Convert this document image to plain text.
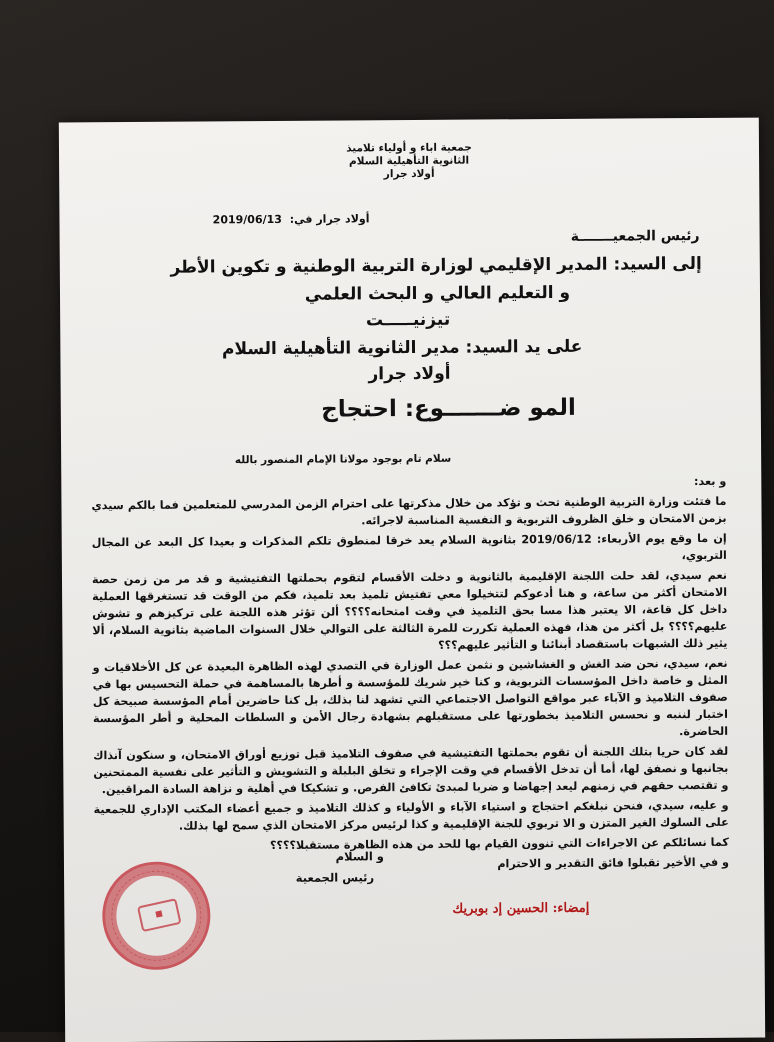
جمعية اباء و أولياء تلاميذ
الثانوية التأهيلية السلام
أولاد جرار
أولاد جرار في: 2019/06/13
رئيس الجمعيـــــــة
إلى السيد: المدير الإقليمي لوزارة التربية الوطنية و تكوين الأطر
و التعليم العالي و البحث العلمي
تيزنيـــــت
على يد السيد: مدير الثانوية التأهيلية السلام
أولاد جرار
المو ضـــــــوع: احتجاج
سلام تام بوجود مولانا الإمام المنصور بالله

و بعد:

ما فتئت وزارة التربية الوطنية تحث و تؤكد من خلال مذكرتها على احترام الزمن المدرسي للمتعلمين فما بالكم سيدي بزمن الامتحان و خلق الظروف التربوية و النفسية المناسبة لاجرائه.

إن ما وقع يوم الأربعاء: 2019/06/12 بثانوية السلام يعد خرقا لمنطوق تلكم المذكرات و بعيدا كل البعد عن المجال التربوي،

نعم سيدي، لقد حلت اللجنة الإقليمية بالثانوية و دخلت الأقسام لتقوم بحملتها التفتيشية و قد مر من زمن حصة الامتحان أكثر من ساعة، و هنا أدعوكم لتتخيلوا معي تفتيش تلميذ بعد تلميذ، فكم من الوقت قد تستغرقها العملية داخل كل قاعة، الا يعتبر هذا مسا بحق التلميذ في وقت امتحانه؟؟؟؟ ألن تؤثر هذه اللجنة على تركيزهم و تشوش عليهم؟؟؟؟ بل أكثر من هذا، فهذه العملية تكررت للمرة الثالثة على التوالي خلال السنوات الماضية بثانوية السلام، ألا يثير ذلك الشبهات باستقصاد أبنائنا و التأثير عليهم؟؟؟

نعم، سيدي، نحن ضد الغش و الغشاشين و نثمن عمل الوزارة في التصدي لهذه الظاهرة البعيدة عن كل الأخلاقيات و المثل و خاصة داخل المؤسسات التربوية، و كنا خير شريك للمؤسسة و أطرها بالمساهمة في حملة التحسيس بها في صفوف التلاميذ و الآباء عبر مواقع التواصل الاجتماعي التي تشهد لنا بذلك، بل كنا حاضرين أمام المؤسسة صبيحة كل اختبار لننبه و نحسس التلاميذ بخطورتها على مستقبلهم بشهادة رجال الأمن و السلطات المحلية و أطر المؤسسة الحاضرة.

لقد كان حريا بتلك اللجنة أن تقوم بحملتها التفتيشية في صفوف التلاميذ قبل توزيع أوراق الامتحان، و سنكون آنذاك بجانبها و نصفق لها، أما أن تدخل الأقسام في وقت الإجراء و تخلق البلبلة و التشويش و التأثير على نفسية الممتحنين و تقتصب حقهم في زمنهم ليعد إجهاضا و ضربا لمبدئ تكافئ الفرص. و تشكيكا في أهلية و نزاهة السادة المراقبين.

و عليه، سيدي، فنحن نبلغكم احتجاج و استياء الآباء و الأولياء و كذلك التلاميذ و جميع أعضاء المكتب الإداري للجمعية على السلوك الغير المتزن و الا تربوي للجنة الإقليمية و كذا لرئيس مركز الامتحان الذي سمح لها بذلك.

كما نسائلكم عن الاجراءات التي تنوون القيام بها للحد من هذه الظاهرة مستقبلا؟؟؟؟

و في الأخير تقبلوا فائق التقدير و الاحترام

و السلام
رئيس الجمعية
إمضاء: الحسين إد بوبريك
■
